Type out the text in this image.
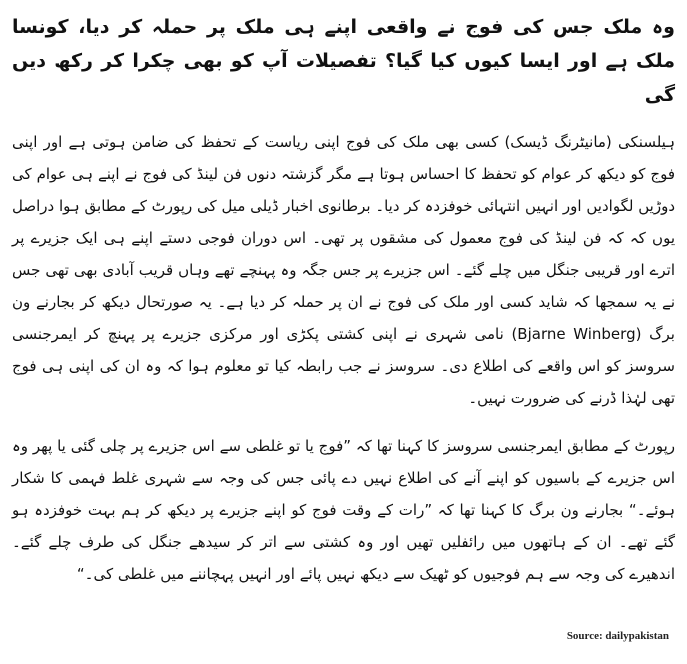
وہ ملک جس کی فوج نے واقعی اپنے ہی ملک پر حملہ کر دیا، کونسا ملک ہے اور ایسا کیوں کیا گیا؟ تفصیلات آپ کو بھی چکرا کر رکھ دیں گی
ہیلسنکی (مانیٹرنگ ڈیسک) کسی بھی ملک کی فوج اپنی ریاست کے تحفظ کی ضامن ہوتی ہے اور اپنی فوج کو دیکھ کر عوام کو تحفظ کا احساس ہوتا ہے مگر گزشتہ دنوں فن لینڈ کی فوج نے اپنے ہی عوام کی دوڑیں لگوادیں اور انہیں انتہائی خوفزدہ کر دیا۔ برطانوی اخبار ڈیلی میل کی رپورٹ کے مطابق ہوا دراصل یوں کہ کہ فن لینڈ کی فوج معمول کی مشقوں پر تھی۔ اس دوران فوجی دستے اپنے ہی ایک جزیرے پر اترے اور قریبی جنگل میں چلے گئے۔ اس جزیرے پر جس جگہ وہ پہنچے تھے وہاں قریب آبادی بھی تھی جس نے یہ سمجھا کہ شاید کسی اور ملک کی فوج نے ان پر حملہ کر دیا ہے۔ یہ صورتحال دیکھ کر بجارنے ون برگ (Bjarne Winberg) نامی شہری نے اپنی کشتی پکڑی اور مرکزی جزیرے پر پہنچ کر ایمرجنسی سروسز کو اس واقعے کی اطلاع دی۔ سروسز نے جب رابطہ کیا تو معلوم ہوا کہ وہ ان کی اپنی ہی فوج تھی لہٰذا ڈرنے کی ضرورت نہیں۔
رپورٹ کے مطابق ایمرجنسی سروسز کا کہنا تھا کہ ”فوج یا تو غلطی سے اس جزیرے پر چلی گئی یا پھر وہ اس جزیرے کے باسیوں کو اپنے آنے کی اطلاع نہیں دے پائی جس کی وجہ سے شہری غلط فہمی کا شکار ہوئے۔“ بجارنے ون برگ کا کہنا تھا کہ ”رات کے وقت فوج کو اپنے جزیرے پر دیکھ کر ہم بہت خوفزدہ ہو گئے تھے۔ ان کے ہاتھوں میں رائفلیں تھیں اور وہ کشتی سے اتر کر سیدھے جنگل کی طرف چلے گئے۔ اندھیرے کی وجہ سے ہم فوجیوں کو ٹھیک سے دیکھ نہیں پائے اور انہیں پہچاننے میں غلطی کی۔“
Source: dailypakistan
